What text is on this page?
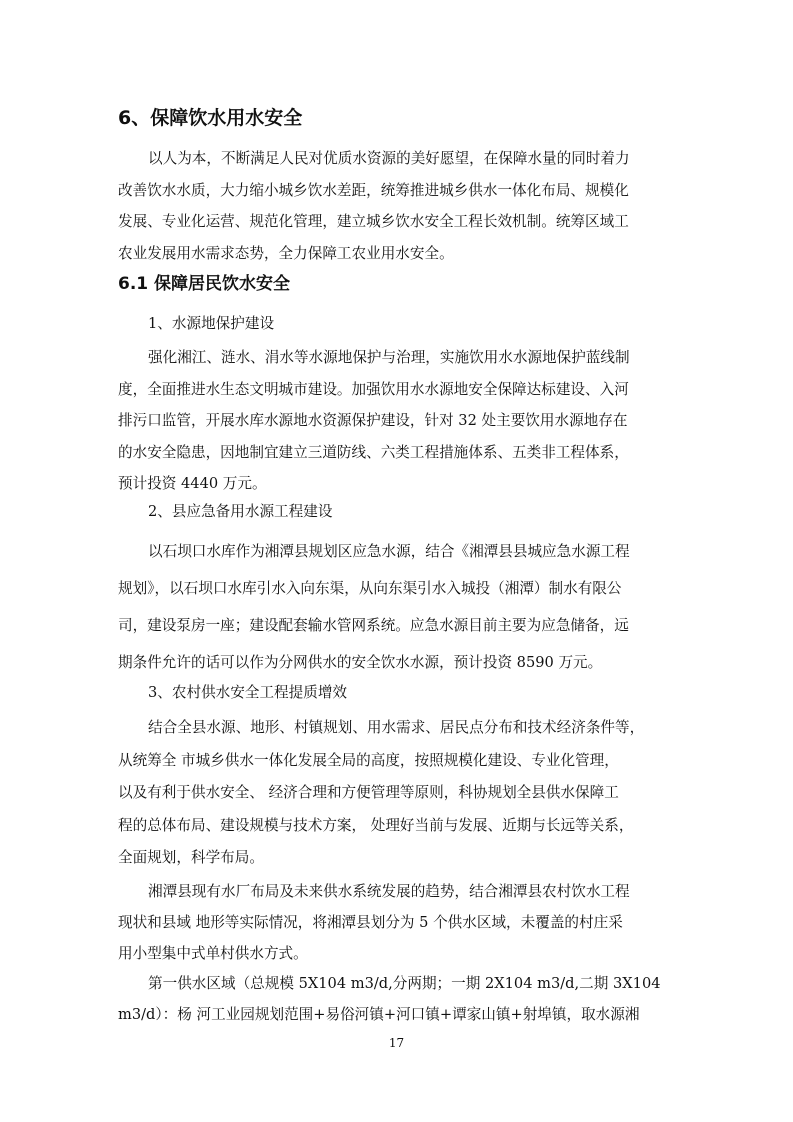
6、保障饮水用水安全

以人为本，不断满足人民对优质水资源的美好愿望，在保障水量的同时着力
改善饮水水质，大力缩小城乡饮水差距，统筹推进城乡供水一体化布局、规模化
发展、专业化运营、规范化管理，建立城乡饮水安全工程长效机制。统筹区域工
农业发展用水需求态势，全力保障工农业用水安全。

6.1 保障居民饮水安全

1、水源地保护建设

强化湘江、涟水、涓水等水源地保护与治理，实施饮用水水源地保护蓝线制
度，全面推进水生态文明城市建设。加强饮用水水源地安全保障达标建设、入河
排污口监管，开展水库水源地水资源保护建设，针对 32 处主要饮用水源地存在
的水安全隐患，因地制宜建立三道防线、六类工程措施体系、五类非工程体系，
预计投资 4440 万元。

2、县应急备用水源工程建设

以石坝口水库作为湘潭县规划区应急水源，结合《湘潭县县城应急水源工程
规划》，以石坝口水库引水入向东渠，从向东渠引水入城投（湘潭）制水有限公
司，建设泵房一座；建设配套输水管网系统。应急水源目前主要为应急储备，远
期条件允许的话可以作为分网供水的安全饮水水源，预计投资 8590 万元。

3、农村供水安全工程提质增效

结合全县水源、地形、村镇规划、用水需求、居民点分布和技术经济条件等，
从统筹全 市城乡供水一体化发展全局的高度，按照规模化建设、专业化管理，
以及有利于供水安全、 经济合理和方便管理等原则，科协规划全县供水保障工
程的总体布局、建设规模与技术方案， 处理好当前与发展、近期与长远等关系，
全面规划，科学布局。

湘潭县现有水厂布局及未来供水系统发展的趋势，结合湘潭县农村饮水工程
现状和县域 地形等实际情况，将湘潭县划分为 5 个供水区域，未覆盖的村庄采
用小型集中式单村供水方式。

第一供水区域（总规模 5X104 m3/d,分两期；一期 2X104 m3/d,二期 3X104
m3/d）：杨 河工业园规划范围+易俗河镇+河口镇+谭家山镇+射埠镇，取水源湘

17
